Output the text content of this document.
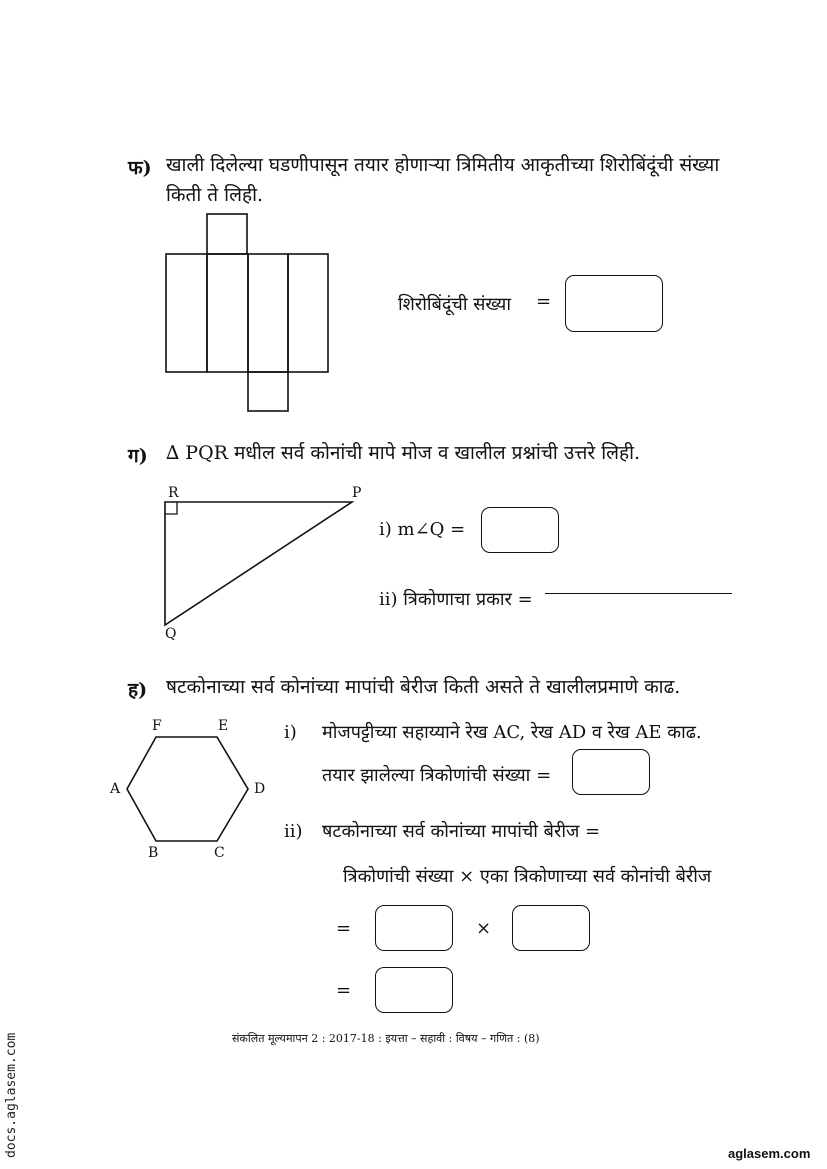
फ) खाली दिलेल्या घडणीपासून तयार होणाऱ्या त्रिमितीय आकृतीच्या शिरोबिंदूंची संख्या
किती ते लिही.
शिरोबिंदूंची संख्या =
ग) ∆ PQR मधील सर्व कोनांची मापे मोज व खालील प्रश्नांची उत्तरे लिही.
R	P
Q
i) m∠Q =
ii) त्रिकोणाचा प्रकार =
ह) षटकोनाच्या सर्व कोनांच्या मापांची बेरीज किती असते ते खालीलप्रमाणे काढ.
F	E
A	D
B	C
i) मोजपट्टीच्या सहाय्याने रेख AC, रेख AD व रेख AE काढ.
तयार झालेल्या त्रिकोणांची संख्या =
ii) षटकोनाच्या सर्व कोनांच्या मापांची बेरीज =
त्रिकोणांची संख्या × एका त्रिकोणाच्या सर्व कोनांची बेरीज
=	×
=
संकलित मूल्यमापन 2 : 2017-18 : इयत्ता – सहावी : विषय – गणित : (8)
docs.aglasem.com	aglasem.com
